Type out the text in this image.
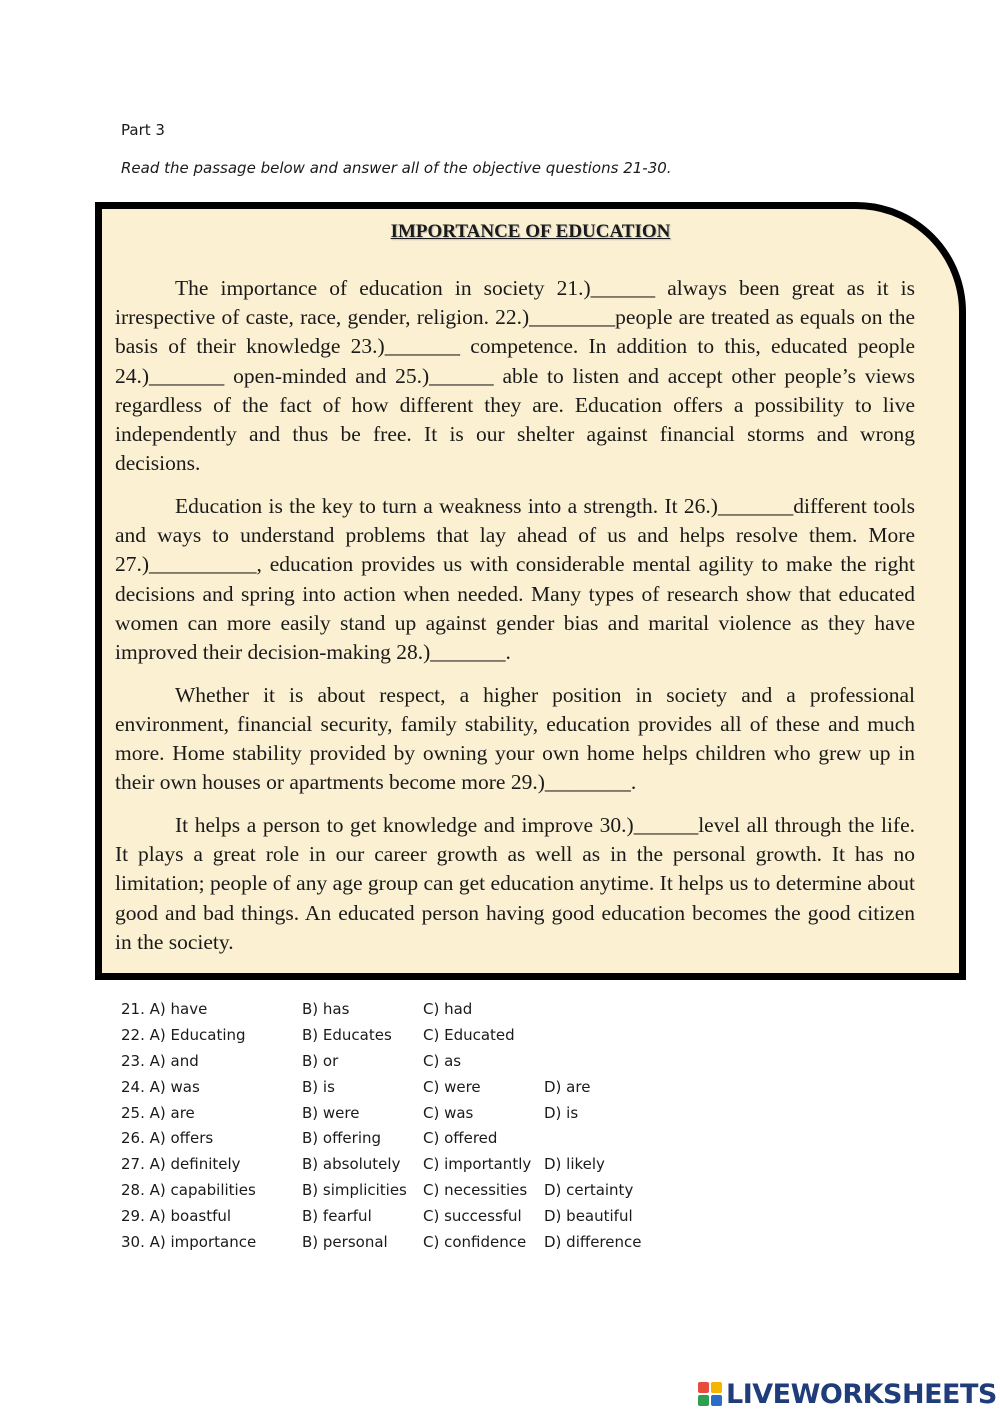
Part 3
Read the passage below and answer all of the objective questions 21-30.
IMPORTANCE OF EDUCATION

The importance of education in society 21.)______ always been great as it is irrespective of caste, race, gender, religion. 22.)________people are treated as equals on the basis of their knowledge 23.)_______ competence. In addition to this, educated people 24.)_______ open-minded and 25.)______ able to listen and accept other people’s views regardless of the fact of how different they are. Education offers a possibility to live independently and thus be free. It is our shelter against financial storms and wrong decisions.

Education is the key to turn a weakness into a strength. It 26.)_______different tools and ways to understand problems that lay ahead of us and helps resolve them. More 27.)__________, education provides us with considerable mental agility to make the right decisions and spring into action when needed. Many types of research show that educated women can more easily stand up against gender bias and marital violence as they have improved their decision-making 28.)_______.

Whether it is about respect, a higher position in society and a professional environment, financial security, family stability, education provides all of these and much more. Home stability provided by owning your own home helps children who grew up in their own houses or apartments become more 29.)________.

It helps a person to get knowledge and improve 30.)______level all through the life. It plays a great role in our career growth as well as in the personal growth. It has no limitation; people of any age group can get education anytime. It helps us to determine about good and bad things. An educated person having good education becomes the good citizen in the society.

21. A) have	B) has	C) had
22. A) Educating	B) Educates C) Educated
23. A) and	B) or	C) as
24. A) was	B) is	C) were	D) are
25. A) are	B) were	C) was	D) is
26. A) offers	B) offering	C) offered
27. A) definitely	B) absolutely C) importantly D) likely
28. A) capabilities	B) simplicities C) necessities D) certainty
29. A) boastful	B) fearful	C) successful D) beautiful
30. A) importance	B) personal C) confidence D) difference
LIVEWORKSHEETS
